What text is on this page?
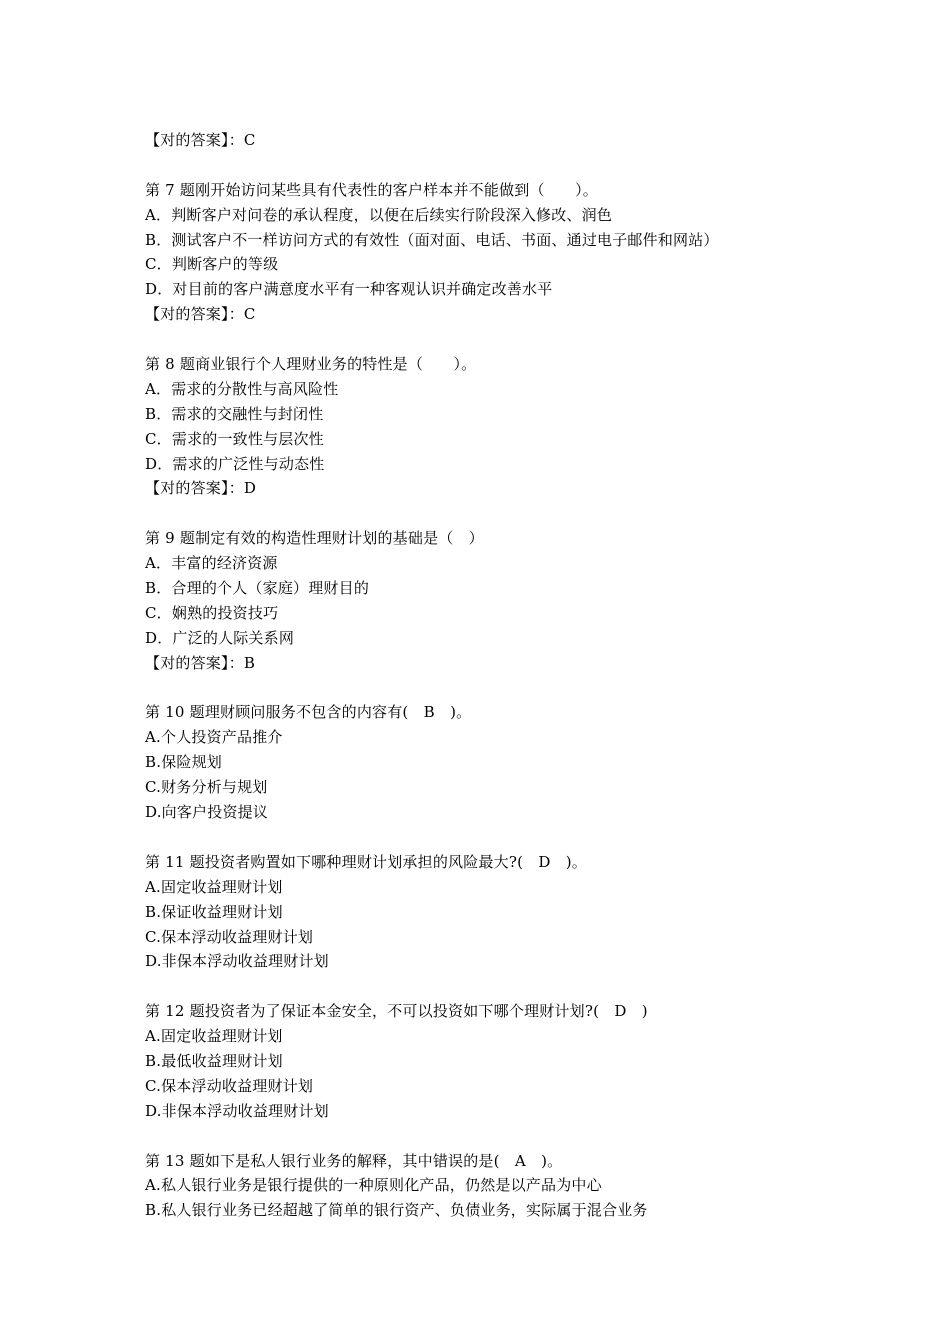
【对的答案】：C
第 7 题刚开始访问某些具有代表性的客户样本并不能做到（　　）。
A．判断客户对问卷的承认程度，以便在后续实行阶段深入修改、润色
B．测试客户不一样访问方式的有效性（面对面、电话、书面、通过电子邮件和网站）
C．判断客户的等级
D．对目前的客户满意度水平有一种客观认识并确定改善水平
【对的答案】：C
第 8 题商业银行个人理财业务的特性是（　　）。
A．需求的分散性与高风险性
B．需求的交融性与封闭性
C．需求的一致性与层次性
D．需求的广泛性与动态性
【对的答案】：D
第 9 题制定有效的构造性理财计划的基础是（　）
A．丰富的经济资源
B．合理的个人（家庭）理财目的
C．娴熟的投资技巧
D．广泛的人际关系网
【对的答案】：B
第 10 题理财顾问服务不包含的内容有(　B　)。
A.个人投资产品推介
B.保险规划
C.财务分析与规划
D.向客户投资提议
第 11 题投资者购置如下哪种理财计划承担的风险最大?(　D　)。
A.固定收益理财计划
B.保证收益理财计划
C.保本浮动收益理财计划
D.非保本浮动收益理财计划
第 12 题投资者为了保证本金安全，不可以投资如下哪个理财计划?(　D　)
A.固定收益理财计划
B.最低收益理财计划
C.保本浮动收益理财计划
D.非保本浮动收益理财计划
第 13 题如下是私人银行业务的解释，其中错误的是(　A　)。
A.私人银行业务是银行提供的一种原则化产品，仍然是以产品为中心
B.私人银行业务已经超越了简单的银行资产、负债业务，实际属于混合业务
